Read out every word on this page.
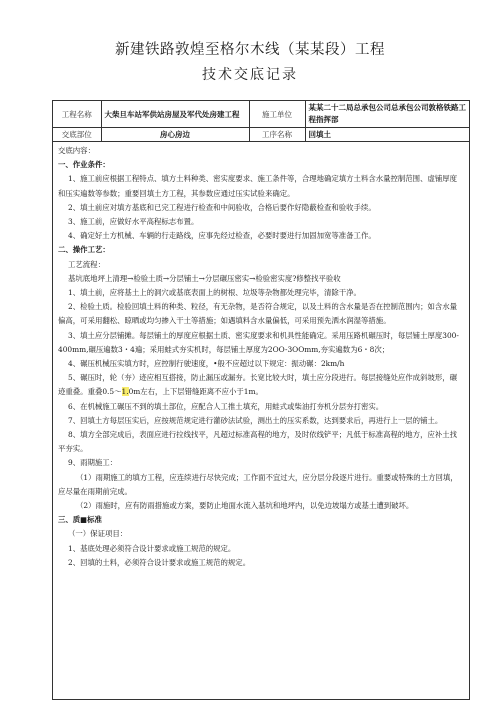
新建铁路敦煌至格尔木线（某某段）工程
技术交底记录
工程名称	大柴旦车站军供站房屋及军代处房建工程	施工单位	某某二十二局总承包公司总承包公司敦格铁路工程指挥部
交底部位	房心房边	工序名称	回填土

交底内容：

一、作业条件：

1、施工前应根据工程特点、填方土料种类、密实度要求、施工条件等，合理地确定填方土料含水量控制范围、虚铺厚度和压实遍数等参数；重要回填土方工程，其参数应通过压实试验来确定。

2、填土前应对填方基底和已完工程进行检查和中间验收，合格后要作好隐蔽检查和验收手续。

3、施工前，应做好水平高程标志布置。

4、确定好土方机械、车辆的行走路线，应事先经过检查，必要时要进行加固加宽等准备工作。

二、操作工艺：

工艺流程：

基坑底地坪上清理→检验土质→分层铺土→分层碾压密实→检验密实度?修整找平验收

1、填土前，应将基土上的洞穴或基底表面上的树根、垃圾等杂物都处理完毕，清除干净。

2、检验土质。检验回填土料的种类、粒径，有无杂物，是否符合规定，以及土料的含水量是否在控制范围内；如含水量偏高，可采用翻松、晾晒或均匀掺入干土等措施；如遇填料含水量偏低，可采用预先洒水润湿等措施。

3、填土应分层铺摊。每层铺土的厚度应根据土质、密实度要求和机具性能确定。采用压路机碾压时，每层铺土厚度300-400mm,碾压遍数3・4遍；采用蛙式夯实机时，每层铺土厚度为2OO-3OOmm,夯实遍数为6・8次；

4、碾压机械压实填方时，应控制行驶速度，•般不应超过以下规定：振动碾：2km/h

5、碾压时，轮（夯）迹应相互搭接，防止漏压或漏夯。长宽比较大时，填土应分段进行。每层接缝处应作成斜坡形，碾迹重叠。重叠0.5〜1.0m左右，上下层错缝距离不应小于1m。

6、在机械施工碾压不到的填土部位，应配合人工推土填充，用蛙式或柴油打夯机分层夯打密实。

7、回填土方每层压实后，应按规范规定进行灌砂法试验，测出土的压实系数，达到要求后，再进行上一层的铺土。

8、填方全部完成后，表面应进行拉线找平，凡超过标准高程的地方，及时依线铲平；凡低于标准高程的地方，应补土找平夯实。

9、雨期施工：

（1）雨期施工的填方工程，应连续进行尽快完成；工作面不宜过大，应分层分段逐片进行。重要或特殊的土方回填，应尽量在雨期前完成。

（2）雨施时，应有防雨措施或方案，要防止地面水流入基坑和地坪内，以免边坡塌方或基土遭到破坏。

三、质■标准

（一）保证项目：

1、基底处理必须符合设计要求或施工规范的规定。

2、回填的土料，必须符合设计要求或施工规范的规定。
